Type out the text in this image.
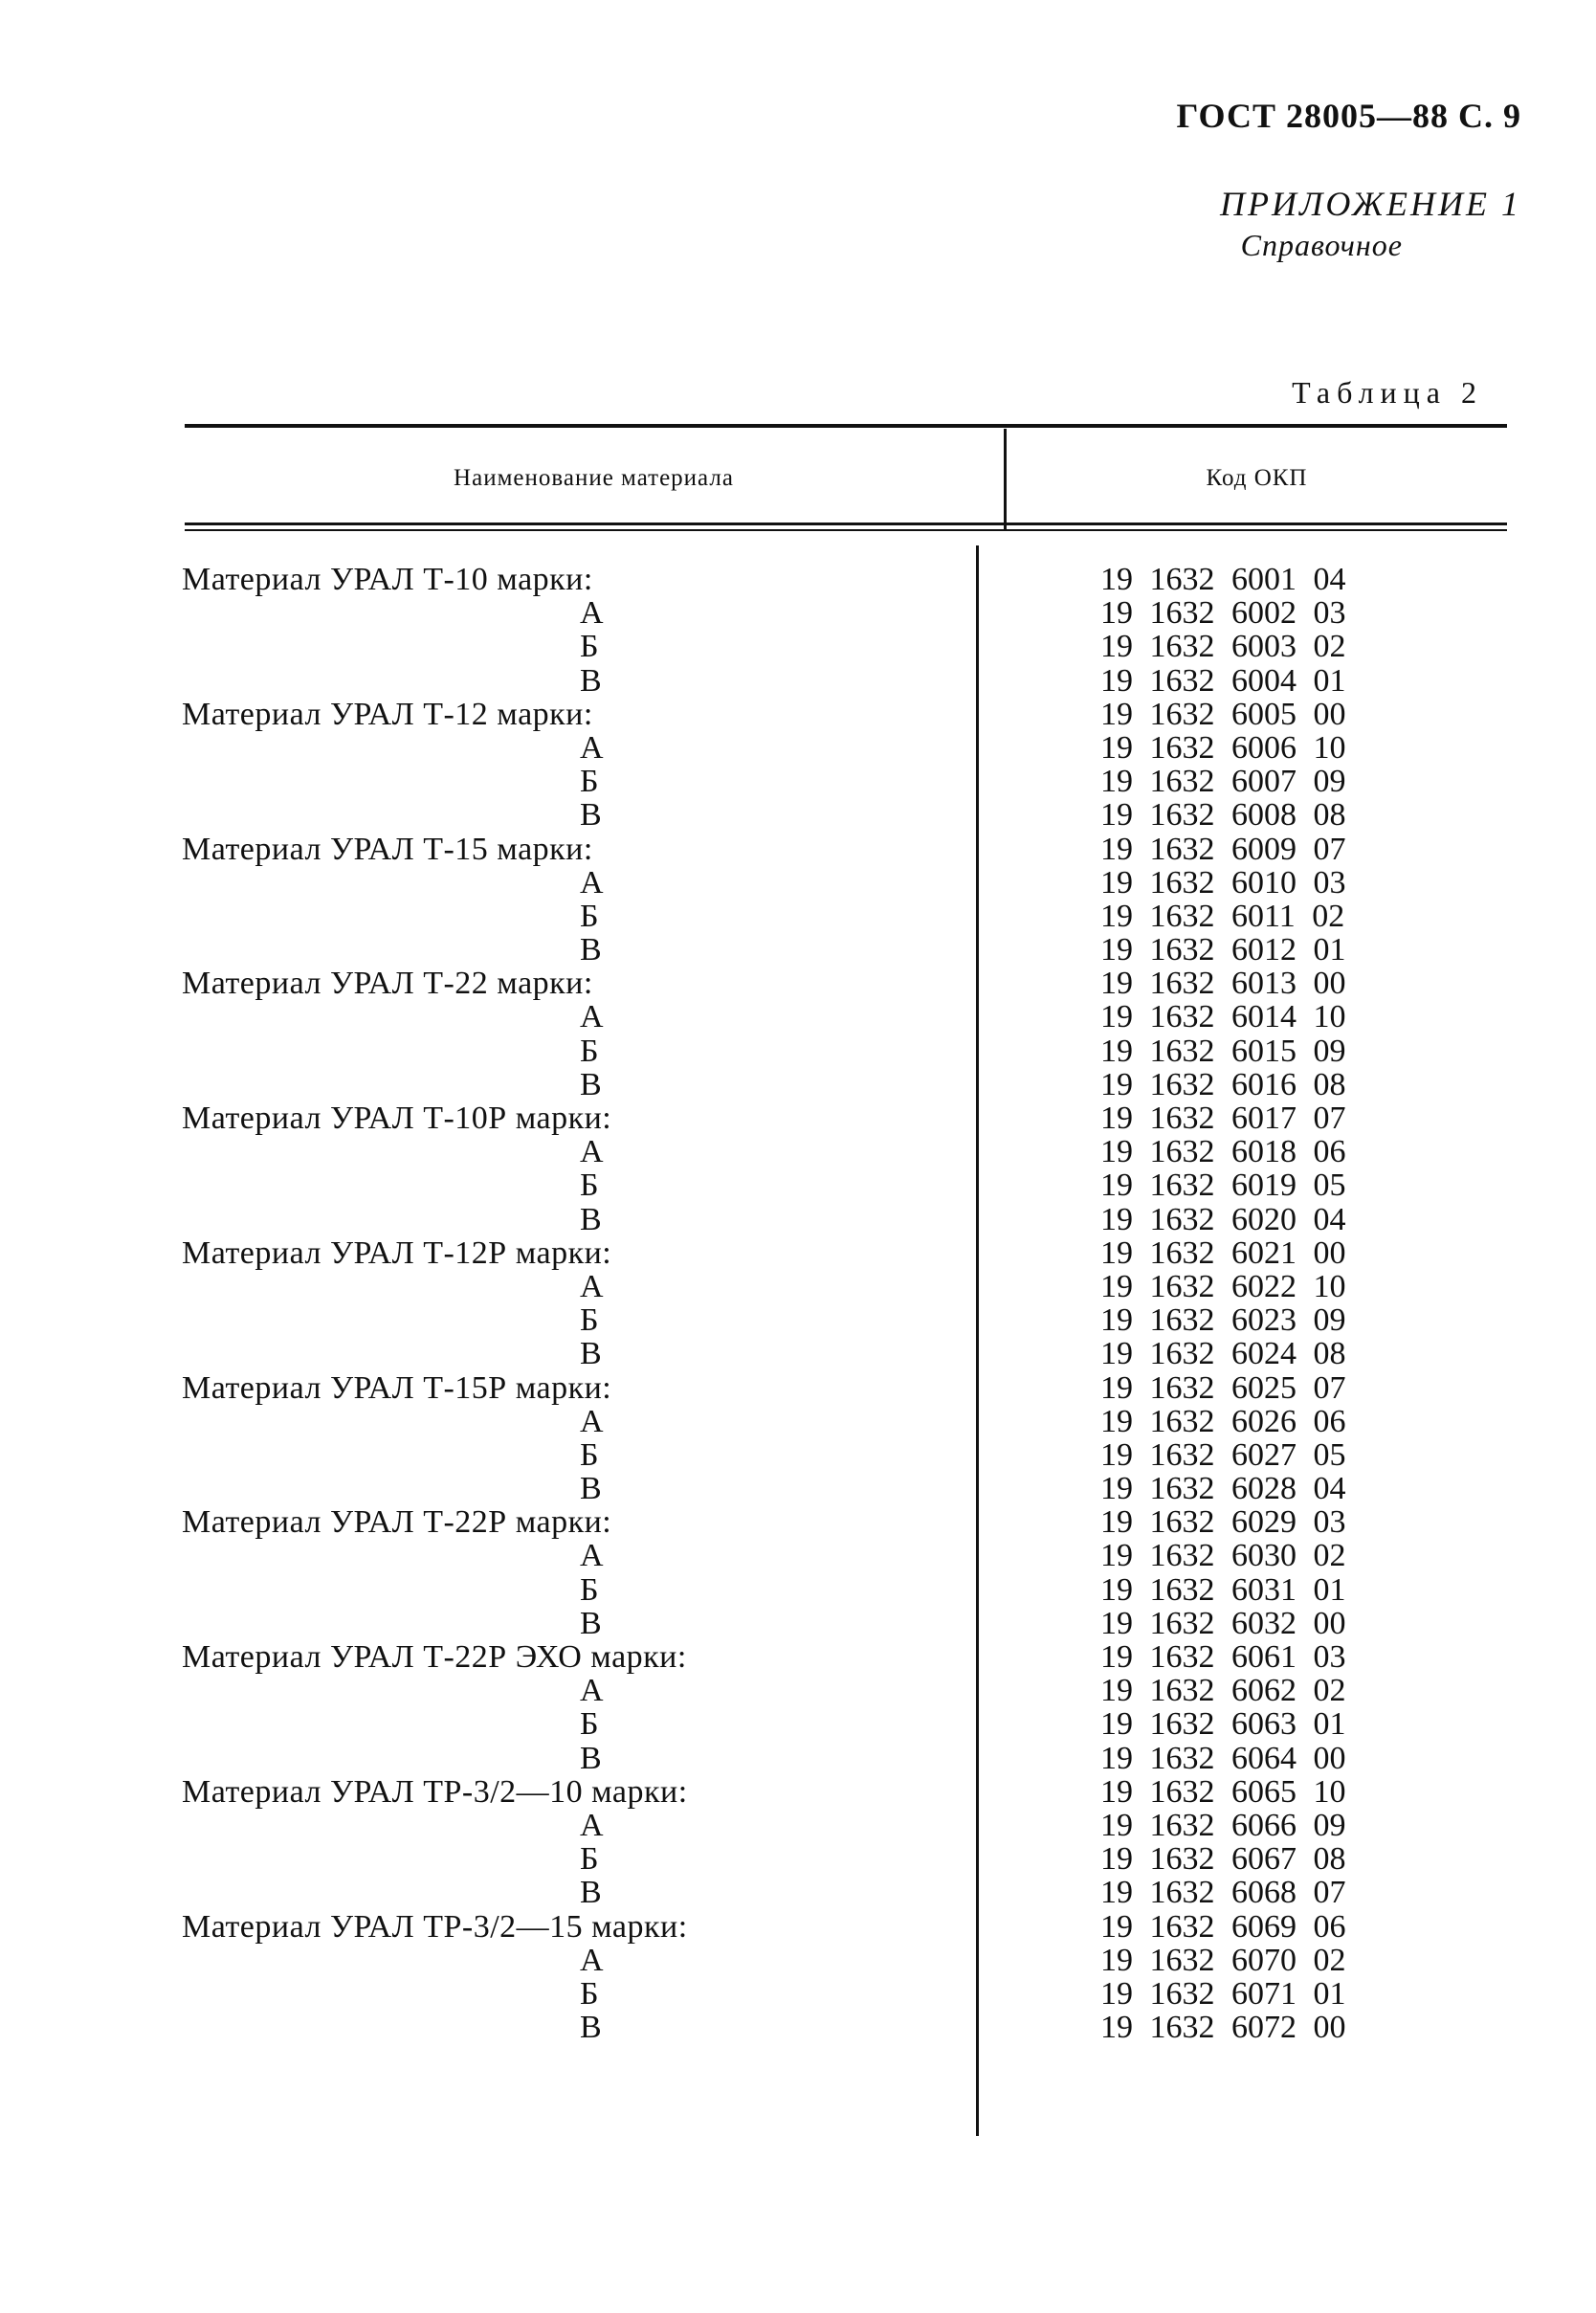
ГОСТ 28005—88 С. 9
ПРИЛОЖЕНИЕ 1
Справочное
Таблица 2
Наименование материала	Код ОКП
Материал УРАЛ Т-10 марки:	19 1632 6001 04
А	19 1632 6002 03
Б	19 1632 6003 02
В	19 1632 6004 01
Материал УРАЛ Т-12 марки:	19 1632 6005 00
А	19 1632 6006 10
Б	19 1632 6007 09
В	19 1632 6008 08
Материал УРАЛ Т-15 марки:	19 1632 6009 07
А	19 1632 6010 03
Б	19 1632 6011 02
В	19 1632 6012 01
Материал УРАЛ Т-22 марки:	19 1632 6013 00
А	19 1632 6014 10
Б	19 1632 6015 09
В	19 1632 6016 08
Материал УРАЛ Т-10Р марки:	19 1632 6017 07
А	19 1632 6018 06
Б	19 1632 6019 05
В	19 1632 6020 04
Материал УРАЛ Т-12Р марки:	19 1632 6021 00
А	19 1632 6022 10
Б	19 1632 6023 09
В	19 1632 6024 08
Материал УРАЛ Т-15Р марки:	19 1632 6025 07
А	19 1632 6026 06
Б	19 1632 6027 05
В	19 1632 6028 04
Материал УРАЛ Т-22Р марки:	19 1632 6029 03
А	19 1632 6030 02
Б	19 1632 6031 01
В	19 1632 6032 00
Материал УРАЛ Т-22Р ЭХО марки:	19 1632 6061 03
А	19 1632 6062 02
Б	19 1632 6063 01
В	19 1632 6064 00
Материал УРАЛ ТР-3/2—10 марки:	19 1632 6065 10
А	19 1632 6066 09
Б	19 1632 6067 08
В	19 1632 6068 07
Материал УРАЛ ТР-3/2—15 марки:	19 1632 6069 06
А	19 1632 6070 02
Б	19 1632 6071 01
В	19 1632 6072 00
